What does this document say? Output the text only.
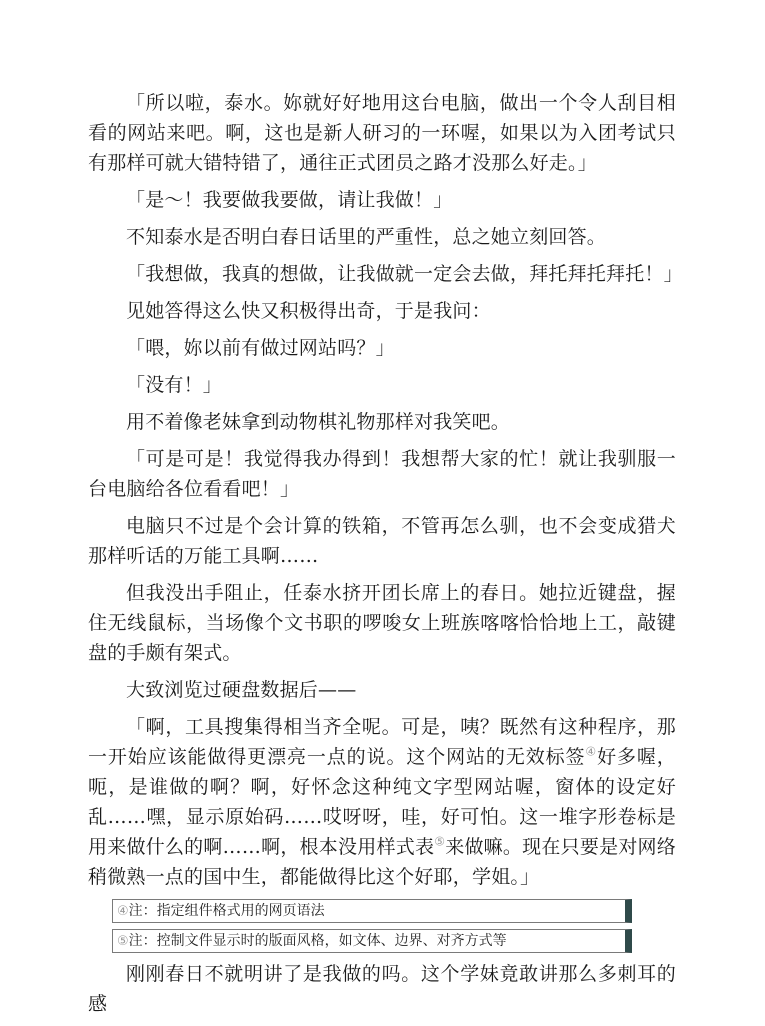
「所以啦，泰水。妳就好好地用这台电脑，做出一个令人刮目相看的网站来吧。啊，这也是新人研习的一环喔，如果以为入团考试只有那样可就大错特错了，通往正式团员之路才没那么好走。」

「是～！我要做我要做，请让我做！」

不知泰水是否明白春日话里的严重性，总之她立刻回答。

「我想做，我真的想做，让我做就一定会去做，拜托拜托拜托！」

见她答得这么快又积极得出奇，于是我问：

「喂，妳以前有做过网站吗？」

「没有！」

用不着像老妹拿到动物棋礼物那样对我笑吧。

「可是可是！我觉得我办得到！我想帮大家的忙！就让我驯服一台电脑给各位看看吧！」

电脑只不过是个会计算的铁箱，不管再怎么驯，也不会变成猎犬那样听话的万能工具啊……

但我没出手阻止，任泰水挤开团长席上的春日。她拉近键盘，握住无线鼠标，当场像个文书职的啰唆女上班族喀喀恰恰地上工，敲键盘的手颇有架式。

大致浏览过硬盘数据后——

「啊，工具搜集得相当齐全呢。可是，咦？既然有这种程序，那一开始应该能做得更漂亮一点的说。这个网站的无效标签④好多喔，呃，是谁做的啊？啊，好怀念这种纯文字型网站喔，窗体的设定好乱……嘿，显示原始码……哎呀呀，哇，好可怕。这一堆字形卷标是用来做什么的啊……啊，根本没用样式表⑤来做嘛。现在只要是对网络稍微熟一点的国中生，都能做得比这个好耶，学姐。」

④注：指定组件格式用的网页语法
⑤注：控制文件显示时的版面风格，如文体、边界、对齐方式等

刚刚春日不就明讲了是我做的吗。这个学妹竟敢讲那么多刺耳的感
